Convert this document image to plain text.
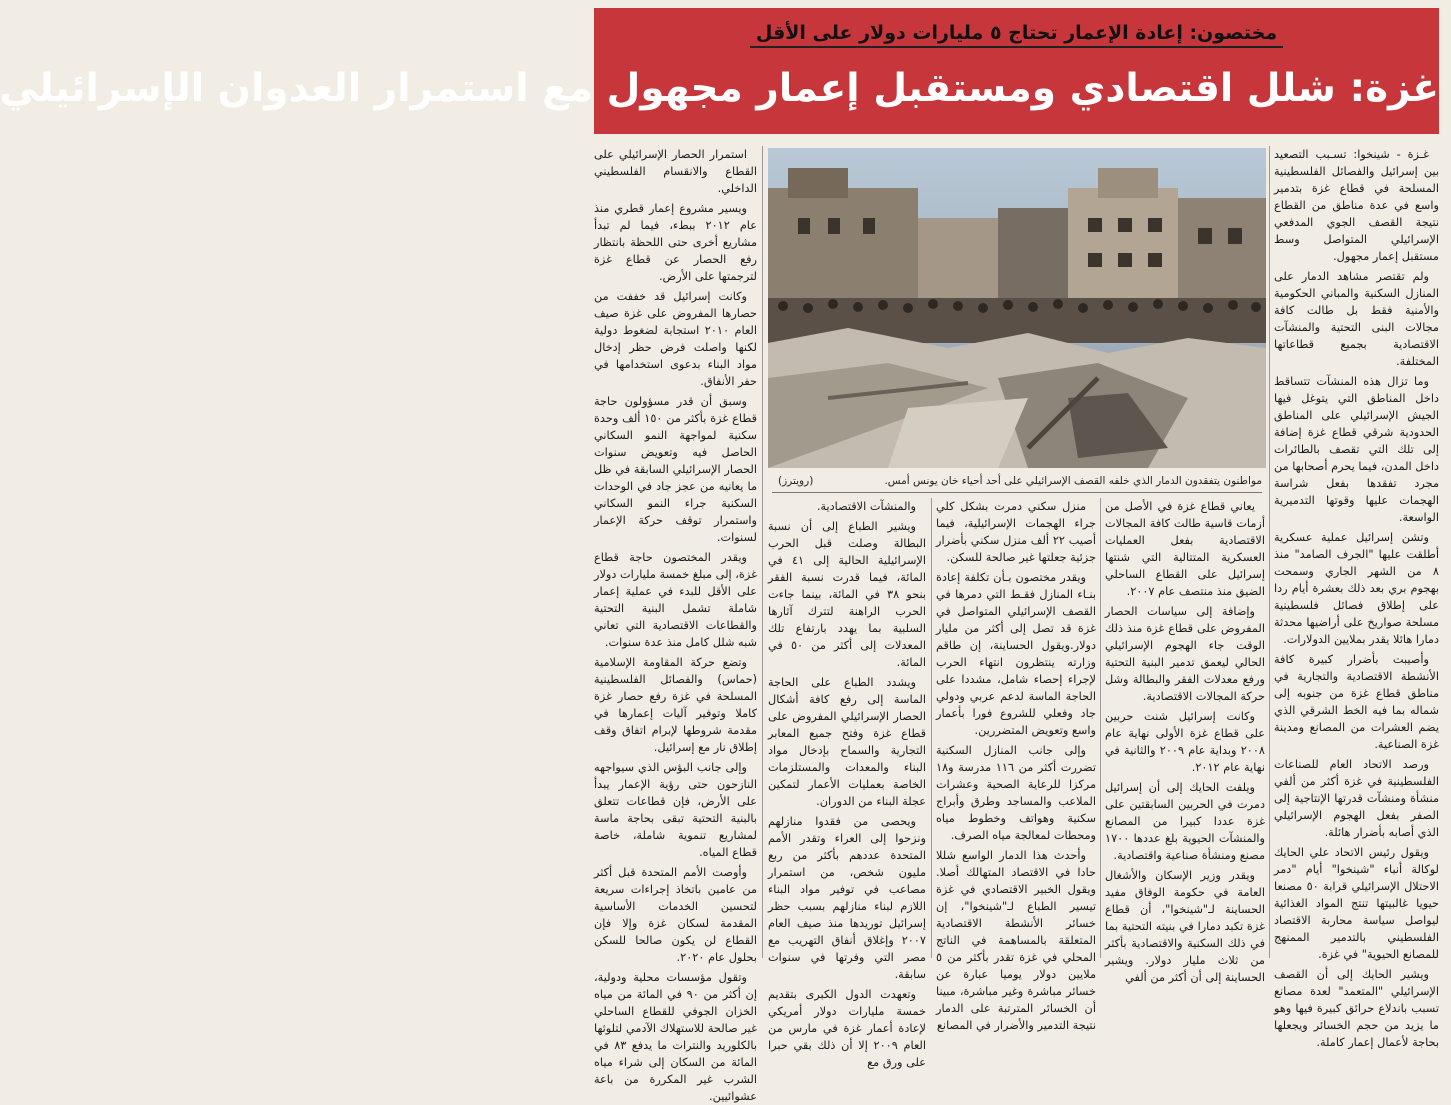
مختصون: إعادة الإعمار تحتاج ٥ مليارات دولار على الأقل
غزة: شلل اقتصادي ومستقبل إعمار مجهول مع استمرار العدوان الإسرائيلي

غـزة - شينخوا: تسـبب التصعيد بين إسرائيل والفصائل الفلسطينية المسلحة في قطاع غزة بتدمير واسع في عدة مناطق من القطاع نتيجة القصف الجوي المدفعي الإسرائيلي المتواصل وسط مستقبل إعمار مجهول.

ولم تقتصر مشاهد الدمار على المنازل السكنية والمباني الحكومية والأمنية فقط بل طالت كافة مجالات البنى التحتية والمنشآت الاقتصادية بجميع قطاعاتها المختلفة.

وما تزال هذه المنشآت تتساقط داخل المناطق التي يتوغل فيها الجيش الإسرائيلي على المناطق الحدودية شرقي قطاع غزة إضافة إلى تلك التي تقصف بالطائرات داخل المدن، فيما يحرم أصحابها من مجرد تفقدها بفعل شراسة الهجمات عليها وقوتها التدميرية الواسعة.

وتشن إسرائيل عملية عسكرية أطلقت عليها "الجرف الصامد" منذ ٨ من الشهر الجاري وسمحت بهجوم بري بعد ذلك بعشرة أيام ردا على إطلاق فصائل فلسطينية مسلحة صواريخ على أراضيها محدثة دمارا هائلا يقدر بملايين الدولارات.

وأصيبت بأضرار كبيرة كافة الأنشطة الاقتصادية والتجارية في مناطق قطاع غزة من جنوبه إلى شماله بما فيه الخط الشرقي الذي يضم العشرات من المصانع ومدينة غزة الصناعية.

ورصد الاتحاد العام للصناعات الفلسطينية في غزة أكثر من ألفي منشأة ومنشآت قدرتها الإنتاجية إلى الصفر بفعل الهجوم الإسرائيلي الذي أصابه بأضرار هائلة.

ويقول رئيس الاتحاد علي الحايك لوكالة أنباء "شينخوا" أيام "دمر الاحتلال الإسرائيلي قرابة ٥٠ مصنعا حيويا غالبيتها تنتج المواد الغذائية ليواصل سياسة محاربة الاقتصاد الفلسطيني بالتدمير الممنهج للمصانع الحيوية" في غزة.

ويشير الحايك إلى أن القصف الإسرائيلي "المتعمد" لعدة مصانع تسبب باندلاع حرائق كبيرة فيها وهو ما يزيد من حجم الخسائر ويجعلها بحاجة لأعمال إعمار كاملة.

مواطنون يتفقدون الدمار الذي خلفه القصف الإسرائيلي على أحد أحياء خان يونس أمس.
(رويترز)

يعاني قطاع غزة في الأصل من أزمات قاسية طالت كافة المجالات الاقتصادية بفعل العمليات العسكرية المتتالية التي شنتها إسرائيل على القطاع الساحلي الضيق منذ منتصف عام ٢٠٠٧.

وإضافة إلى سياسات الحصار المفروض على قطاع غزة منذ ذلك الوقت جاء الهجوم الإسرائيلي الحالي ليعمق تدمير البنية التحتية ورفع معدلات الفقر والبطالة وشل حركة المجالات الاقتصادية.

وكانت إسرائيل شنت حربين على قطاع غزة الأولى نهاية عام ٢٠٠٨ وبداية عام ٢٠٠٩ والثانية في نهاية عام ٢٠١٢.

ويلفت الحايك إلى أن إسرائيل دمرت في الحربين السابقتين على غزة عددا كبيرا من المصانع والمنشآت الحيوية بلغ عددها ١٧٠٠ مصنع ومنشأة صناعية واقتصادية.

ويقدر وزير الإسكان والأشغال العامة في حكومة الوفاق مفيد الحساينة لـ"شينخوا"، أن قطاع غزة تكبد دمارا في بنيته التحتية بما في ذلك السكنية والاقتصادية بأكثر من ثلاث مليار دولار. ويشير الحساينة إلى أن أكثر من ألفي

منزل سكني دمرت بشكل كلي جراء الهجمات الإسرائيلية، فيما أصيب ٢٢ ألف منزل سكني بأضرار جزئية جعلتها غير صالحة للسكن.

ويقدر مختصون بـأن تكلفة إعادة بنـاء المنازل فقـط التي دمرها في القصف الإسرائيلي المتواصل في غزة قد تصل إلى أكثر من مليار دولار.ويقول الحساينة، إن طاقم وزارته ينتظرون انتهاء الحرب لإجراء إحصاء شامل، مشددا على الحاجة الماسة لدعم عربي ودولي جاد وفعلي للشروع فورا بأعمار واسع وتعويض المتضررين.

وإلى جانب المنازل السكنية تضررت أكثر من ١١٦ مدرسة و١٨ مركزا للرعاية الصحية وعشرات الملاعب والمساجد وطرق وأبراج سكنية وهواتف وخطوط مياه ومحطات لمعالجة مياه الصرف.

وأحدث هذا الدمار الواسع شللا حادا في الاقتصاد المتهالك أصلا. ويقول الخبير الاقتصادي في غزة تيسير الطباع لـ"شينخوا"، إن خسائر الأنشطة الاقتصادية المتعلقة بالمساهمة في الناتج المحلي في غزة تقدر بأكثر من ٥ ملايين دولار يوميا عبارة عن خسائر مباشرة وغير مباشرة، مبينا أن الخسائر المترتبة على الدمار نتيجة التدمير والأضرار في المصانع

والمنشآت الاقتصادية.

ويشير الطباع إلى أن نسبة البطالة وصلت قبل الحرب الإسرائيلية الحالية إلى ٤١ في المائة، فيما قدرت نسبة الفقر بنحو ٣٨ في المائة، بينما جاءت الحرب الراهنة لتترك آثارها السلبية بما يهدد بارتفاع تلك المعدلات إلى أكثر من ٥٠ في المائة.

ويشدد الطباع على الحاجة الماسة إلى رفع كافة أشكال الحصار الإسرائيلي المفروض على قطاع غزة وفتح جميع المعابر التجارية والسماح بإدخال مواد البناء والمعدات والمستلزمات الخاصة بعمليات الأعمار لتمكين عجلة البناء من الدوران.

ويحصى من فقدوا منازلهم ونزحوا إلى العراء وتقدر الأمم المتحدة عددهم بأكثر من ربع مليون شخص، من استمرار مصاعب في توفير مواد البناء اللازم لبناء منازلهم بسبب حظر إسرائيل توريدها منذ صيف العام ٢٠٠٧ وإغلاق أنفاق التهريب مع مصر التي وفرتها في سنوات سابقة.

وتعهدت الدول الكبرى بتقديم خمسة مليارات دولار أمريكي لإعادة أعمار غزة في مارس من العام ٢٠٠٩ إلا أن ذلك بقي حبرا على ورق مع

استمرار الحصار الإسرائيلي على القطاع والانقسام الفلسطيني الداخلي.

ويسير مشروع إعمار قطري منذ عام ٢٠١٢ ببطء، فيما لم تبدأ مشاريع أخرى حتى اللحظة بانتظار رفع الحصار عن قطاع غزة لترجمتها على الأرض.

وكانت إسرائيل قد خففت من حصارها المفروض على غزة صيف العام ٢٠١٠ استجابة لضغوط دولية لكنها واصلت فرض حظر إدخال مواد البناء بدعوى استخدامها في حفر الأنفاق.

وسبق أن قدر مسؤولون حاجة قطاع غزة بأكثر من ١٥٠ ألف وحدة سكنية لمواجهة النمو السكاني الحاصل فيه وتعويض سنوات الحصار الإسرائيلي السابقة في ظل ما يعانيه من عجز جاد في الوحدات السكنية جراء النمو السكاني واستمرار توقف حركة الإعمار لسنوات.

ويقدر المختصون حاجة قطاع غزة، إلى مبلغ خمسة مليارات دولار على الأقل للبدء في عملية إعمار شاملة تشمل البنية التحتية والقطاعات الاقتصادية التي تعاني شبه شلل كامل منذ عدة سنوات.

وتضع حركة المقاومة الإسلامية (حماس) والفصائل الفلسطينية المسلحة في غزة رفع حصار غزة كاملا وتوفير آليات إعمارها في مقدمة شروطها لإبرام اتفاق وقف إطلاق نار مع إسرائيل.

وإلى جانب البؤس الذي سيواجهه النازحون حتى رؤية الإعمار يبدأ على الأرض، فإن قطاعات تتعلق بالبنية التحتية تبقى بحاجة ماسة لمشاريع تنموية شاملة، خاصة قطاع المياه.

وأوصت الأمم المتحدة قبل أكثر من عامين باتخاذ إجراءات سريعة لتحسين الخدمات الأساسية المقدمة لسكان غزة وإلا فإن القطاع لن يكون صالحا للسكن بحلول عام ٢٠٢٠.

وتقول مؤسسات محلية ودولية، إن أكثر من ٩٠ في المائة من مياه الخزان الجوفي للقطاع الساحلي غير صالحة للاستهلاك الآدمي لتلوثها بالكلوريد والنترات ما يدفع ٨٣ في المائة من السكان إلى شراء مياه الشرب غير المكررة من باعة عشوائيين.
